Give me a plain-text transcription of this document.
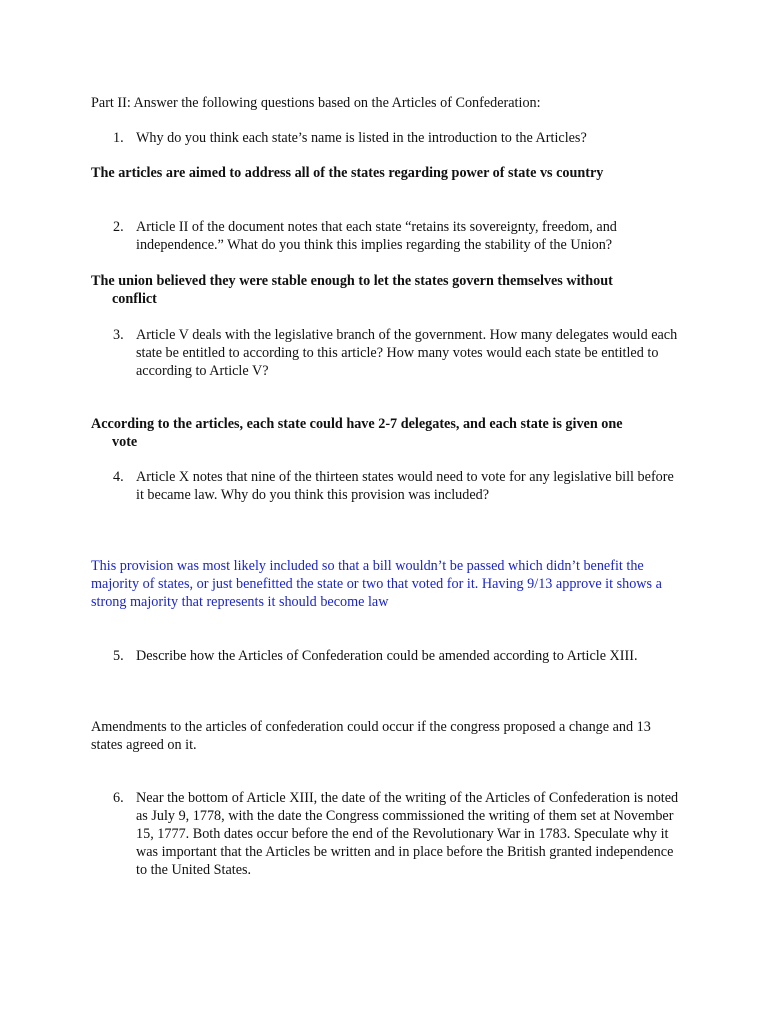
Part II: Answer the following questions based on the Articles of Confederation:

1. Why do you think each state’s name is listed in the introduction to the Articles?

The articles are aimed to address all of the states regarding power of state vs country

2. Article II of the document notes that each state “retains its sovereignty, freedom, and independence.” What do you think this implies regarding the stability of the Union?
The union believed they were stable enough to let the states govern themselves without
conflict
3. Article V deals with the legislative branch of the government. How many delegates would each state be entitled to according to this article? How many votes would each state be entitled to according to Article V?
According to the articles, each state could have 2-7 delegates, and each state is given one
vote
4. Article X notes that nine of the thirteen states would need to vote for any legislative bill before it became law. Why do you think this provision was included?

This provision was most likely included so that a bill wouldn’t be passed which didn’t benefit the majority of states, or just benefitted the state or two that voted for it. Having 9/13 approve it shows a strong majority that represents it should become law

5. Describe how the Articles of Confederation could be amended according to Article XIII.

Amendments to the articles of confederation could occur if the congress proposed a change and 13 states agreed on it.

6. Near the bottom of Article XIII, the date of the writing of the Articles of Confederation is noted as July 9, 1778, with the date the Congress commissioned the writing of them set at November 15, 1777. Both dates occur before the end of the Revolutionary War in 1783. Speculate why it was important that the Articles be written and in place before the British granted independence to the United States.
